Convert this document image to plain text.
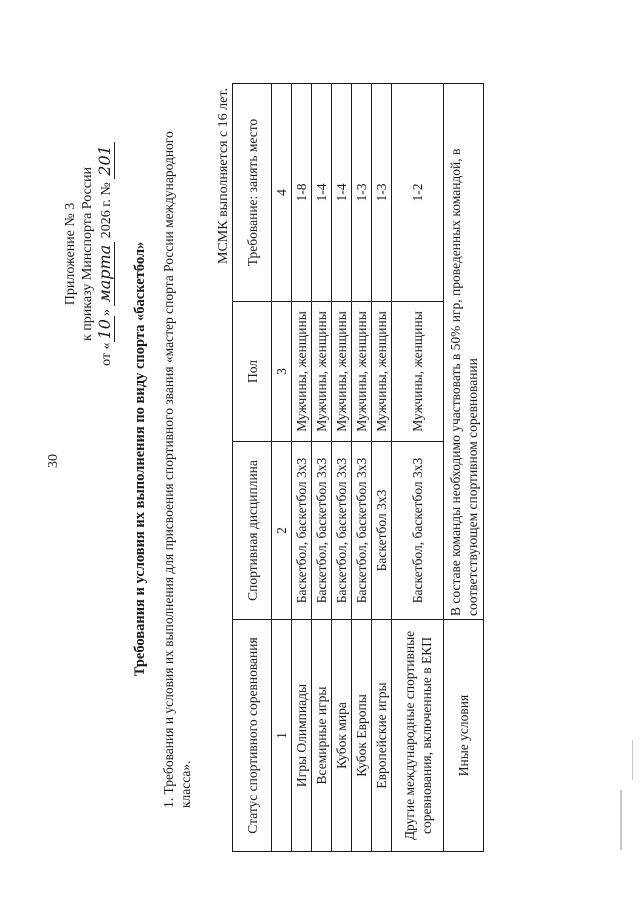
30
Приложение № 3 к приказу Минспорта России
от «10» марта 2026 г. № 201
Требования и условия их выполнения по виду спорта «баскетбол» 1. Требования и условия их выполнения для присвоения спортивного звания «мастер спорта России международного класса».
МСМК выполняется с 16 лет.
Статус спортивного соревнования	Спортивная дисциплина	Пол	Требование: занять место
1	2	3	4
Игры Олимпиады	Баскетбол, баскетбол 3х3	Мужчины, женщины	1-8
Всемирные игры	Баскетбол, баскетбол 3х3	Мужчины, женщины	1-4
Кубок мира	Баскетбол, баскетбол 3х3	Мужчины, женщины	1-4
Кубок Европы	Баскетбол, баскетбол 3х3	Мужчины, женщины	1-3
Европейские игры	Баскетбол 3х3	Мужчины, женщины	1-3
Другие международные спортивные соревнования, включенные в ЕКП	Баскетбол, баскетбол 3х3	Мужчины, женщины	1-2
Иные условия	В составе команды необходимо участвовать в 50% игр, проведенных командой, в соответствующем спортивном соревновании		
